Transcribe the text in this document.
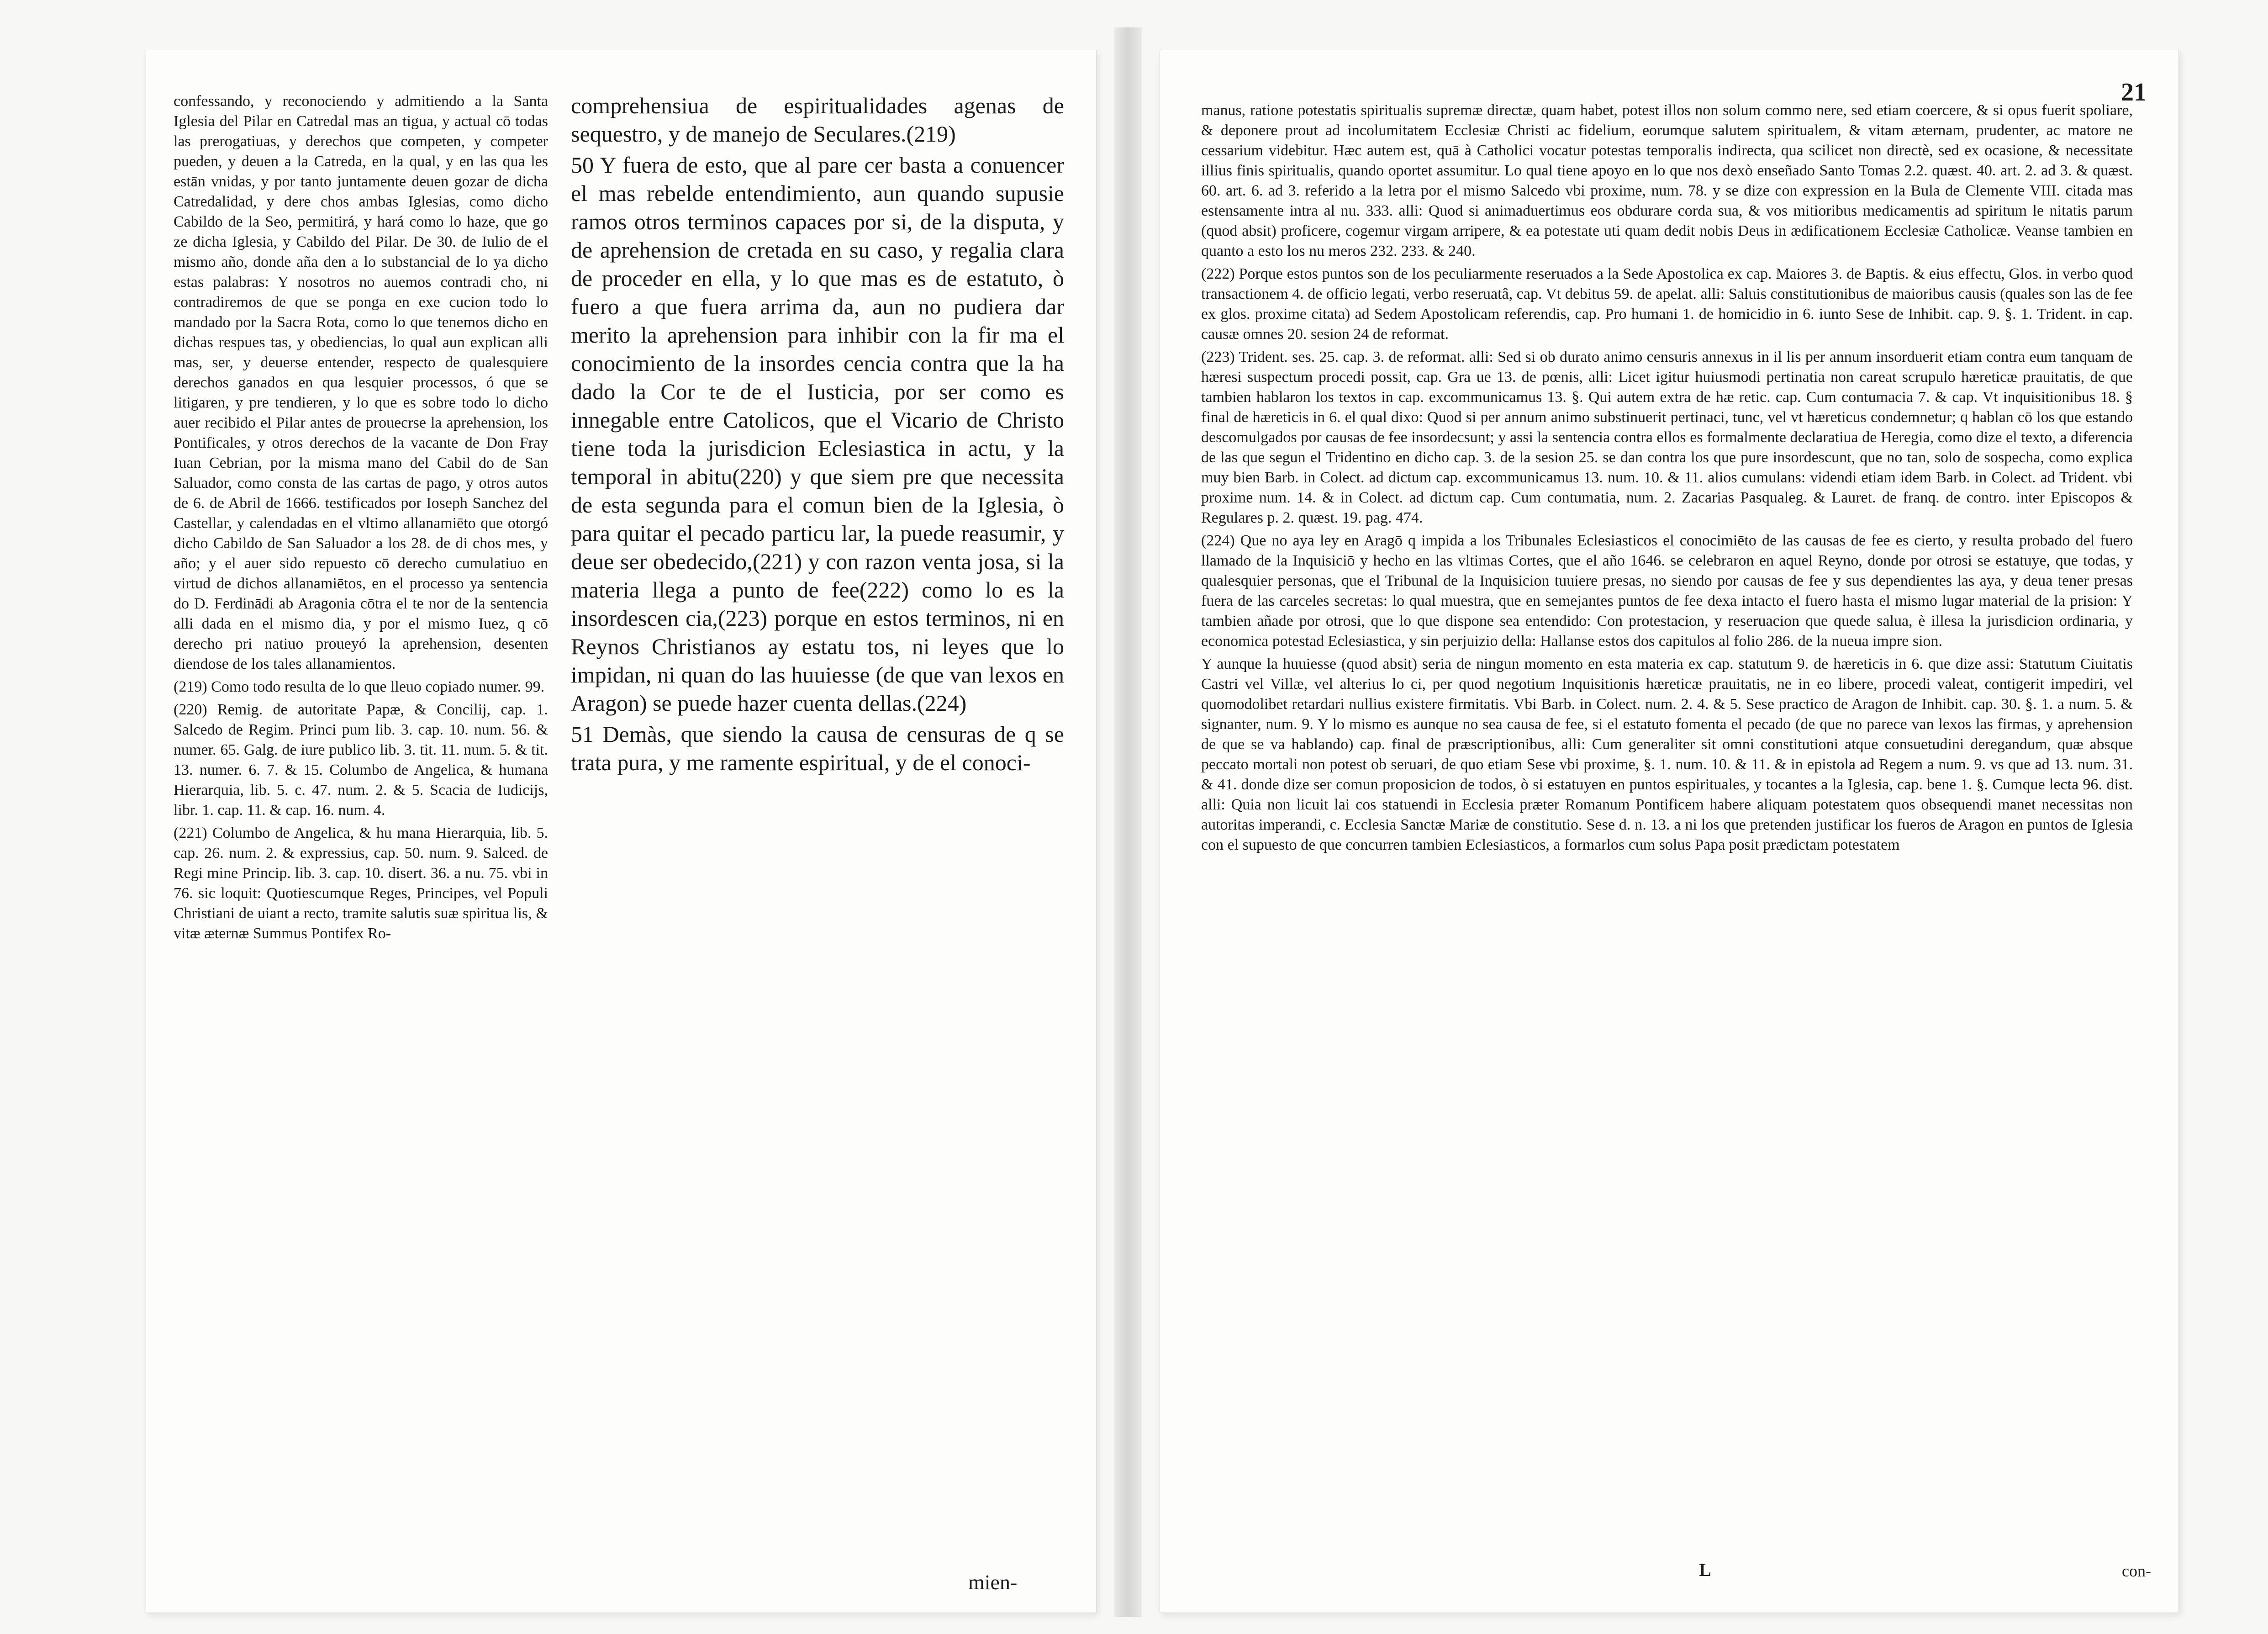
confessando, y reconociendo y admitiendo a la Santa Iglesia del Pilar en Catredal mas an tigua, y actual cō todas las prerogatiuas, y derechos que competen, y competer pueden, y deuen a la Catreda, en la qual, y en las qua les estān vnidas, y por tanto juntamente deuen gozar de dicha Catredalidad, y dere chos ambas Iglesias, como dicho Cabildo de la Seo, permitirá, y hará como lo haze, que go ze dicha Iglesia, y Cabildo del Pilar. De 30. de Iulio de el mismo año, donde aña den a lo substancial de lo ya dicho estas palabras: Y nosotros no auemos contradi cho, ni contradiremos de que se ponga en exe cucion todo lo mandado por la Sacra Rota, como lo que tenemos dicho en dichas respues tas, y obediencias, lo qual aun explican alli mas, ser, y deuerse entender, respecto de qualesquiere derechos ganados en qua lesquier processos, ó que se litigaren, y pre tendieren, y lo que es sobre todo lo dicho auer recibido el Pilar antes de prouecrse la aprehension, los Pontificales, y otros derechos de la vacante de Don Fray Iuan Cebrian, por la misma mano del Cabil do de San Saluador, como consta de las cartas de pago, y otros autos de 6. de Abril de 1666. testificados por Ioseph Sanchez del Castellar, y calendadas en el vltimo allanamiēto que otorgó dicho Cabildo de San Saluador a los 28. de di chos mes, y año; y el auer sido repuesto cō derecho cumulatiuo en virtud de dichos allanamiētos, en el processo ya sentencia do D. Ferdinādi ab Aragonia cōtra el te nor de la sentencia alli dada en el mismo dia, y por el mismo Iuez, q cō derecho pri natiuo proueyó la aprehension, desenten diendose de los tales allanamientos.

(219) Como todo resulta de lo que lleuo copiado numer. 99.

(220) Remig. de autoritate Papæ, & Concilij, cap. 1. Salcedo de Regim. Princi pum lib. 3. cap. 10. num. 56. & numer. 65. Galg. de iure publico lib. 3. tit. 11. num. 5. & tit. 13. numer. 6. 7. & 15. Columbo de Angelica, & humana Hierarquia, lib. 5. c. 47. num. 2. & 5. Scacia de Iudicijs, libr. 1. cap. 11. & cap. 16. num. 4.

(221) Columbo de Angelica, & hu mana Hierarquia, lib. 5. cap. 26. num. 2. & expressius, cap. 50. num. 9. Salced. de Regi mine Princip. lib. 3. cap. 10. disert. 36. a nu. 75. vbi in 76. sic loquit: Quotiescumque Reges, Principes, vel Populi Christiani de uiant a recto, tramite salutis suæ spiritua lis, & vitæ æternæ Summus Pontifex Ro-

comprehensiua de espiritualidades agenas de sequestro, y de manejo de Seculares.(219)

50 Y fuera de esto, que al pare cer basta a conuencer el mas rebelde entendimiento, aun quando supusie ramos otros terminos capaces por si, de la disputa, y de aprehension de cretada en su caso, y regalia clara de proceder en ella, y lo que mas es de estatuto, ò fuero a que fuera arrima da, aun no pudiera dar merito la aprehension para inhibir con la fir ma el conocimiento de la insordes cencia contra que la ha dado la Cor te de el Iusticia, por ser como es innegable entre Catolicos, que el Vicario de Christo tiene toda la jurisdicion Eclesiastica in actu, y la temporal in abitu(220) y que siem pre que necessita de esta segunda para el comun bien de la Iglesia, ò para quitar el pecado particu lar, la puede reasumir, y deue ser obedecido,(221) y con razon venta josa, si la materia llega a punto de fee(222) como lo es la insordescen cia,(223) porque en estos terminos, ni en Reynos Christianos ay estatu tos, ni leyes que lo impidan, ni quan do las huuiesse (de que van lexos en Aragon) se puede hazer cuenta dellas.(224)

51 Demàs, que siendo la causa de censuras de q se trata pura, y me ramente espiritual, y de el conoci-

mien-
21

manus, ratione potestatis spiritualis supremæ directæ, quam habet, potest illos non solum commo nere, sed etiam coercere, & si opus fuerit spoliare, & deponere prout ad incolumitatem Ecclesiæ Christi ac fidelium, eorumque salutem spiritualem, & vitam æternam, prudenter, ac matore ne cessarium videbitur. Hæc autem est, quā à Catholici vocatur potestas temporalis indirecta, qua scilicet non directè, sed ex ocasione, & necessitate illius finis spiritualis, quando oportet assumitur. Lo qual tiene apoyo en lo que nos dexò enseñado Santo Tomas 2.2. quæst. 40. art. 2. ad 3. & quæst. 60. art. 6. ad 3. referido a la letra por el mismo Salcedo vbi proxime, num. 78. y se dize con expression en la Bula de Clemente VIII. citada mas estensamente intra al nu. 333. alli: Quod si animaduertimus eos obdurare corda sua, & vos mitioribus medicamentis ad spiritum le nitatis parum (quod absit) proficere, cogemur virgam arripere, & ea potestate uti quam dedit nobis Deus in ædificationem Ecclesiæ Catholicæ. Veanse tambien en quanto a esto los nu meros 232. 233. & 240.

(222) Porque estos puntos son de los peculiarmente reseruados a la Sede Apostolica ex cap. Maiores 3. de Baptis. & eius effectu, Glos. in verbo quod transactionem 4. de officio legati, verbo reseruatâ, cap. Vt debitus 59. de apelat. alli: Saluis constitutionibus de maioribus causis (quales son las de fee ex glos. proxime citata) ad Sedem Apostolicam referendis, cap. Pro humani 1. de homicidio in 6. iunto Sese de Inhibit. cap. 9. §. 1. Trident. in cap. causæ omnes 20. sesion 24 de reformat.

(223) Trident. ses. 25. cap. 3. de reformat. alli: Sed si ob durato animo censuris annexus in il lis per annum insorduerit etiam contra eum tanquam de hæresi suspectum procedi possit, cap. Gra ue 13. de pœnis, alli: Licet igitur huiusmodi pertinatia non careat scrupulo hæreticæ prauitatis, de que tambien hablaron los textos in cap. excommunicamus 13. §. Qui autem extra de hæ retic. cap. Cum contumacia 7. & cap. Vt inquisitionibus 18. § final de hæreticis in 6. el qual dixo: Quod si per annum animo substinuerit pertinaci, tunc, vel vt hæreticus condemnetur; q hablan cō los que estando descomulgados por causas de fee insordecsunt; y assi la sentencia contra ellos es formalmente declaratiua de Heregia, como dize el texto, a diferencia de las que segun el Tridentino en dicho cap. 3. de la sesion 25. se dan contra los que pure insordescunt, que no tan, solo de sospecha, como explica muy bien Barb. in Colect. ad dictum cap. excommunicamus 13. num. 10. & 11. alios cumulans: videndi etiam idem Barb. in Colect. ad Trident. vbi proxime num. 14. & in Colect. ad dictum cap. Cum contumatia, num. 2. Zacarias Pasqualeg. & Lauret. de franq. de contro. inter Episcopos & Regulares p. 2. quæst. 19. pag. 474.

(224) Que no aya ley en Aragō q impida a los Tribunales Eclesiasticos el conocimiēto de las causas de fee es cierto, y resulta probado del fuero llamado de la Inquisiciō y hecho en las vltimas Cortes, que el año 1646. se celebraron en aquel Reyno, donde por otrosi se estatuye, que todas, y qualesquier personas, que el Tribunal de la Inquisicion tuuiere presas, no siendo por causas de fee y sus dependientes las aya, y deua tener presas fuera de las carceles secretas: lo qual muestra, que en semejantes puntos de fee dexa intacto el fuero hasta el mismo lugar material de la prision: Y tambien añade por otrosi, que lo que dispone sea entendido: Con protestacion, y reseruacion que quede salua, è illesa la jurisdicion ordinaria, y economica potestad Eclesiastica, y sin perjuizio della: Hallanse estos dos capitulos al folio 286. de la nueua impre sion.

Y aunque la huuiesse (quod absit) seria de ningun momento en esta materia ex cap. statutum 9. de hæreticis in 6. que dize assi: Statutum Ciuitatis Castri vel Villæ, vel alterius lo ci, per quod negotium Inquisitionis hæreticæ prauitatis, ne in eo libere, procedi valeat, contigerit impediri, vel quomodolibet retardari nullius existere firmitatis. Vbi Barb. in Colect. num. 2. 4. & 5. Sese practico de Aragon de Inhibit. cap. 30. §. 1. a num. 5. & signanter, num. 9. Y lo mismo es aunque no sea causa de fee, si el estatuto fomenta el pecado (de que no parece van lexos las firmas, y aprehension de que se va hablando) cap. final de præscriptionibus, alli: Cum generaliter sit omni constitutioni atque consuetudini deregandum, quæ absque peccato mortali non potest ob seruari, de quo etiam Sese vbi proxime, §. 1. num. 10. & 11. & in epistola ad Regem a num. 9. vs que ad 13. num. 31. & 41. donde dize ser comun proposicion de todos, ò si estatuyen en puntos espirituales, y tocantes a la Iglesia, cap. bene 1. §. Cumque lecta 96. dist. alli: Quia non licuit lai cos statuendi in Ecclesia præter Romanum Pontificem habere aliquam potestatem quos obsequendi manet necessitas non autoritas imperandi, c. Ecclesia Sanctæ Mariæ de constitutio. Sese d. n. 13. a ni los que pretenden justificar los fueros de Aragon en puntos de Iglesia con el supuesto de que concurren tambien Eclesiasticos, a formarlos cum solus Papa posit prædictam potestatem

L	con-
